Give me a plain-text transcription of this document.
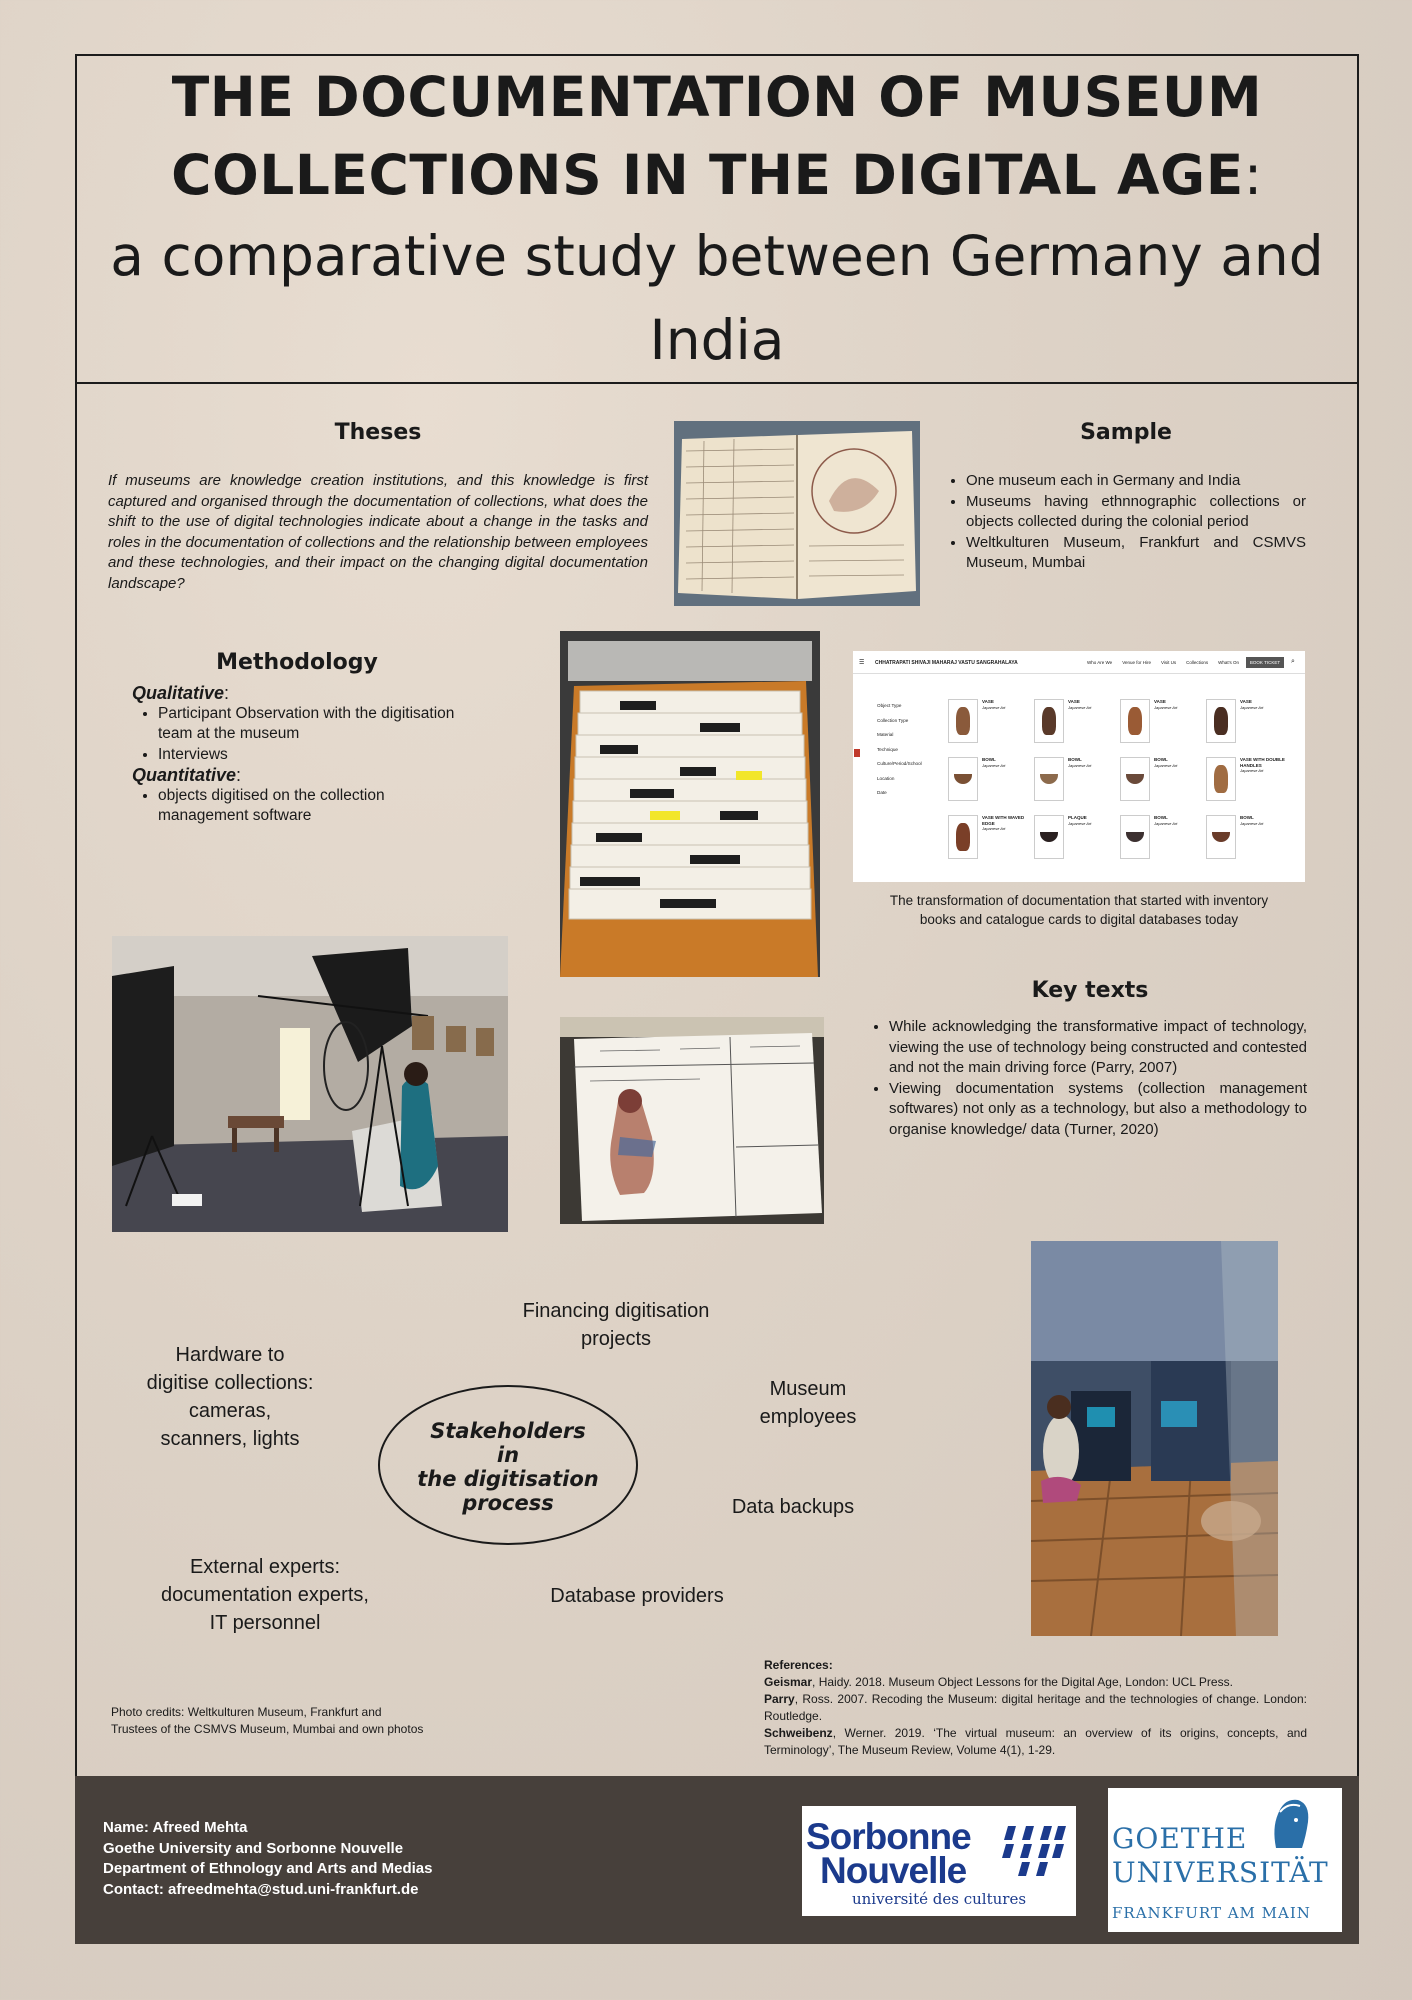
THE DOCUMENTATION OF MUSEUM
COLLECTIONS IN THE DIGITAL AGE:
a comparative study between Germany and
India
Theses
If museums are knowledge creation institutions, and this knowledge is first captured and organised through the documentation of collections, what does the shift to the use of digital technologies indicate about a change in the tasks and roles in the documentation of collections and the relationship between employees and these technologies, and their impact on the changing digital documentation landscape?
Sample
• One museum each in Germany and India
• Museums having ethnnographic collections or objects collected during the colonial period
• Weltkulturen Museum, Frankfurt and CSMVS Museum, Mumbai
Methodology
Qualitative:
• Participant Observation with the digitisation team at the museum
• Interviews
Quantitative:
• objects digitised on the collection management software
☰ CHHATRAPATI SHIVAJI MAHARAJ VASTU SANGRAHALAYA	Who Are We Venue for Hire Visit Us Collections What's On	BOOK TICKET	⌕
Object Type
Collection Type
Material
Technique
Culture/Period/School
Location
Date
VASE
Japanese Art
VASE
Japanese Art
VASE
Japanese Art
VASE
Japanese Art
BOWL
Japanese Art
BOWL
Japanese Art
BOWL
Japanese Art
VASE WITH DOUBLE HANDLES
Japanese Art
VASE WITH WAVED EDGE
Japanese Art
PLAQUE
Japanese Art
BOWL
Japanese Art
BOWL
Japanese Art
The transformation of documentation that started with inventory
books and catalogue cards to digital databases today
Key texts
• While acknowledging the transformative impact of technology, viewing the use of technology being constructed and contested and not the main driving force (Parry, 2007)
• Viewing documentation systems (collection management softwares) not only as a technology, but also a methodology to organise knowledge/ data (Turner, 2020)
Hardware to
digitise collections:
cameras,
scanners, lights
Financing digitisation
projects
Museum
employees
Stakeholders
in
the digitisation
process	Data backups
External experts:
documentation experts,
IT personnel
Database providers
Photo credits: Weltkulturen Museum, Frankfurt and
Trustees of the CSMVS Museum, Mumbai and own photos
References:
Geismar, Haidy. 2018. Museum Object Lessons for the Digital Age, London: UCL Press.
Parry, Ross. 2007. Recoding the Museum: digital heritage and the technologies of change. London: Routledge.
Schweibenz, Werner. 2019. ‘The virtual museum: an overview of its origins, concepts, and Terminology’, The Museum Review, Volume 4(1), 1-29.
Name: Afreed Mehta
Goethe University and Sorbonne Nouvelle
Department of Ethnology and Arts and Medias
Contact: afreedmehta@stud.uni-frankfurt.de
Sorbonne
Nouvelle
université des cultures
GOETHE
UNIVERSITÄT
FRANKFURT AM MAIN
